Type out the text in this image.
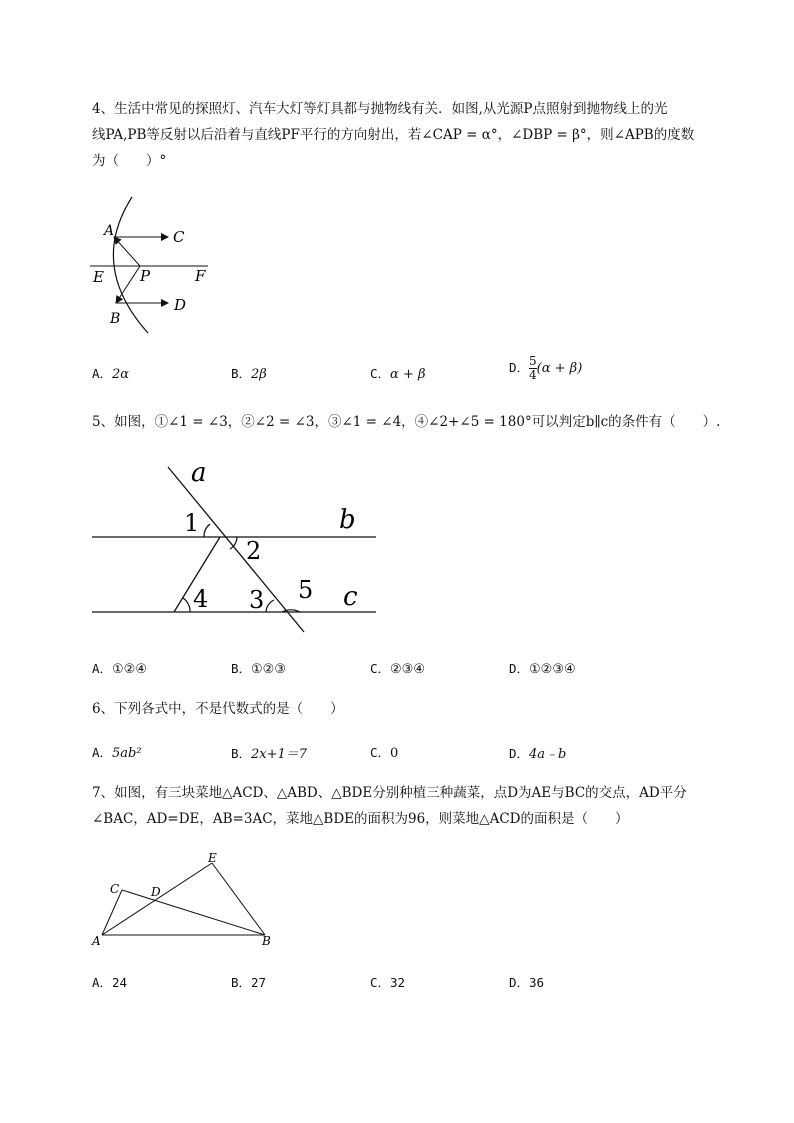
4、生活中常见的探照灯、汽车大灯等灯具都与抛物线有关．如图,从光源P点照射到抛物线上的光

线PA,PB等反射以后沿着与直线PF平行的方向射出，若∠CAP = α°，∠DBP = β°，则∠APB的度数

为（　　）°

A	C
E P	F
B
D
A．2α	B．2β	C．α + β	D． $\frac{5}{4} (\alpha + \beta)$

5、如图，①∠1 = ∠3，②∠2 = ∠3，③∠1 = ∠4，④∠2+∠5 = 180°可以判定b∥c的条件有（　　）.

a
b
c
1
2
4 3 5
A．①②④	B．①②③	C．②③④	D．①②③④

6、下列各式中，不是代数式的是（　　）

A．5ab²	B．2x+1＝7	C．0	D．4a﹣b

7、如图，有三块菜地△ACD、△ABD、△BDE分别种植三种蔬菜，点D为AE与BC的交点，AD平分

∠BAC，AD=DE，AB=3AC，菜地△BDE的面积为96，则菜地△ACD的面积是（　　）

A	B
C	D
E
A．24	B．27	C．32	D．36
